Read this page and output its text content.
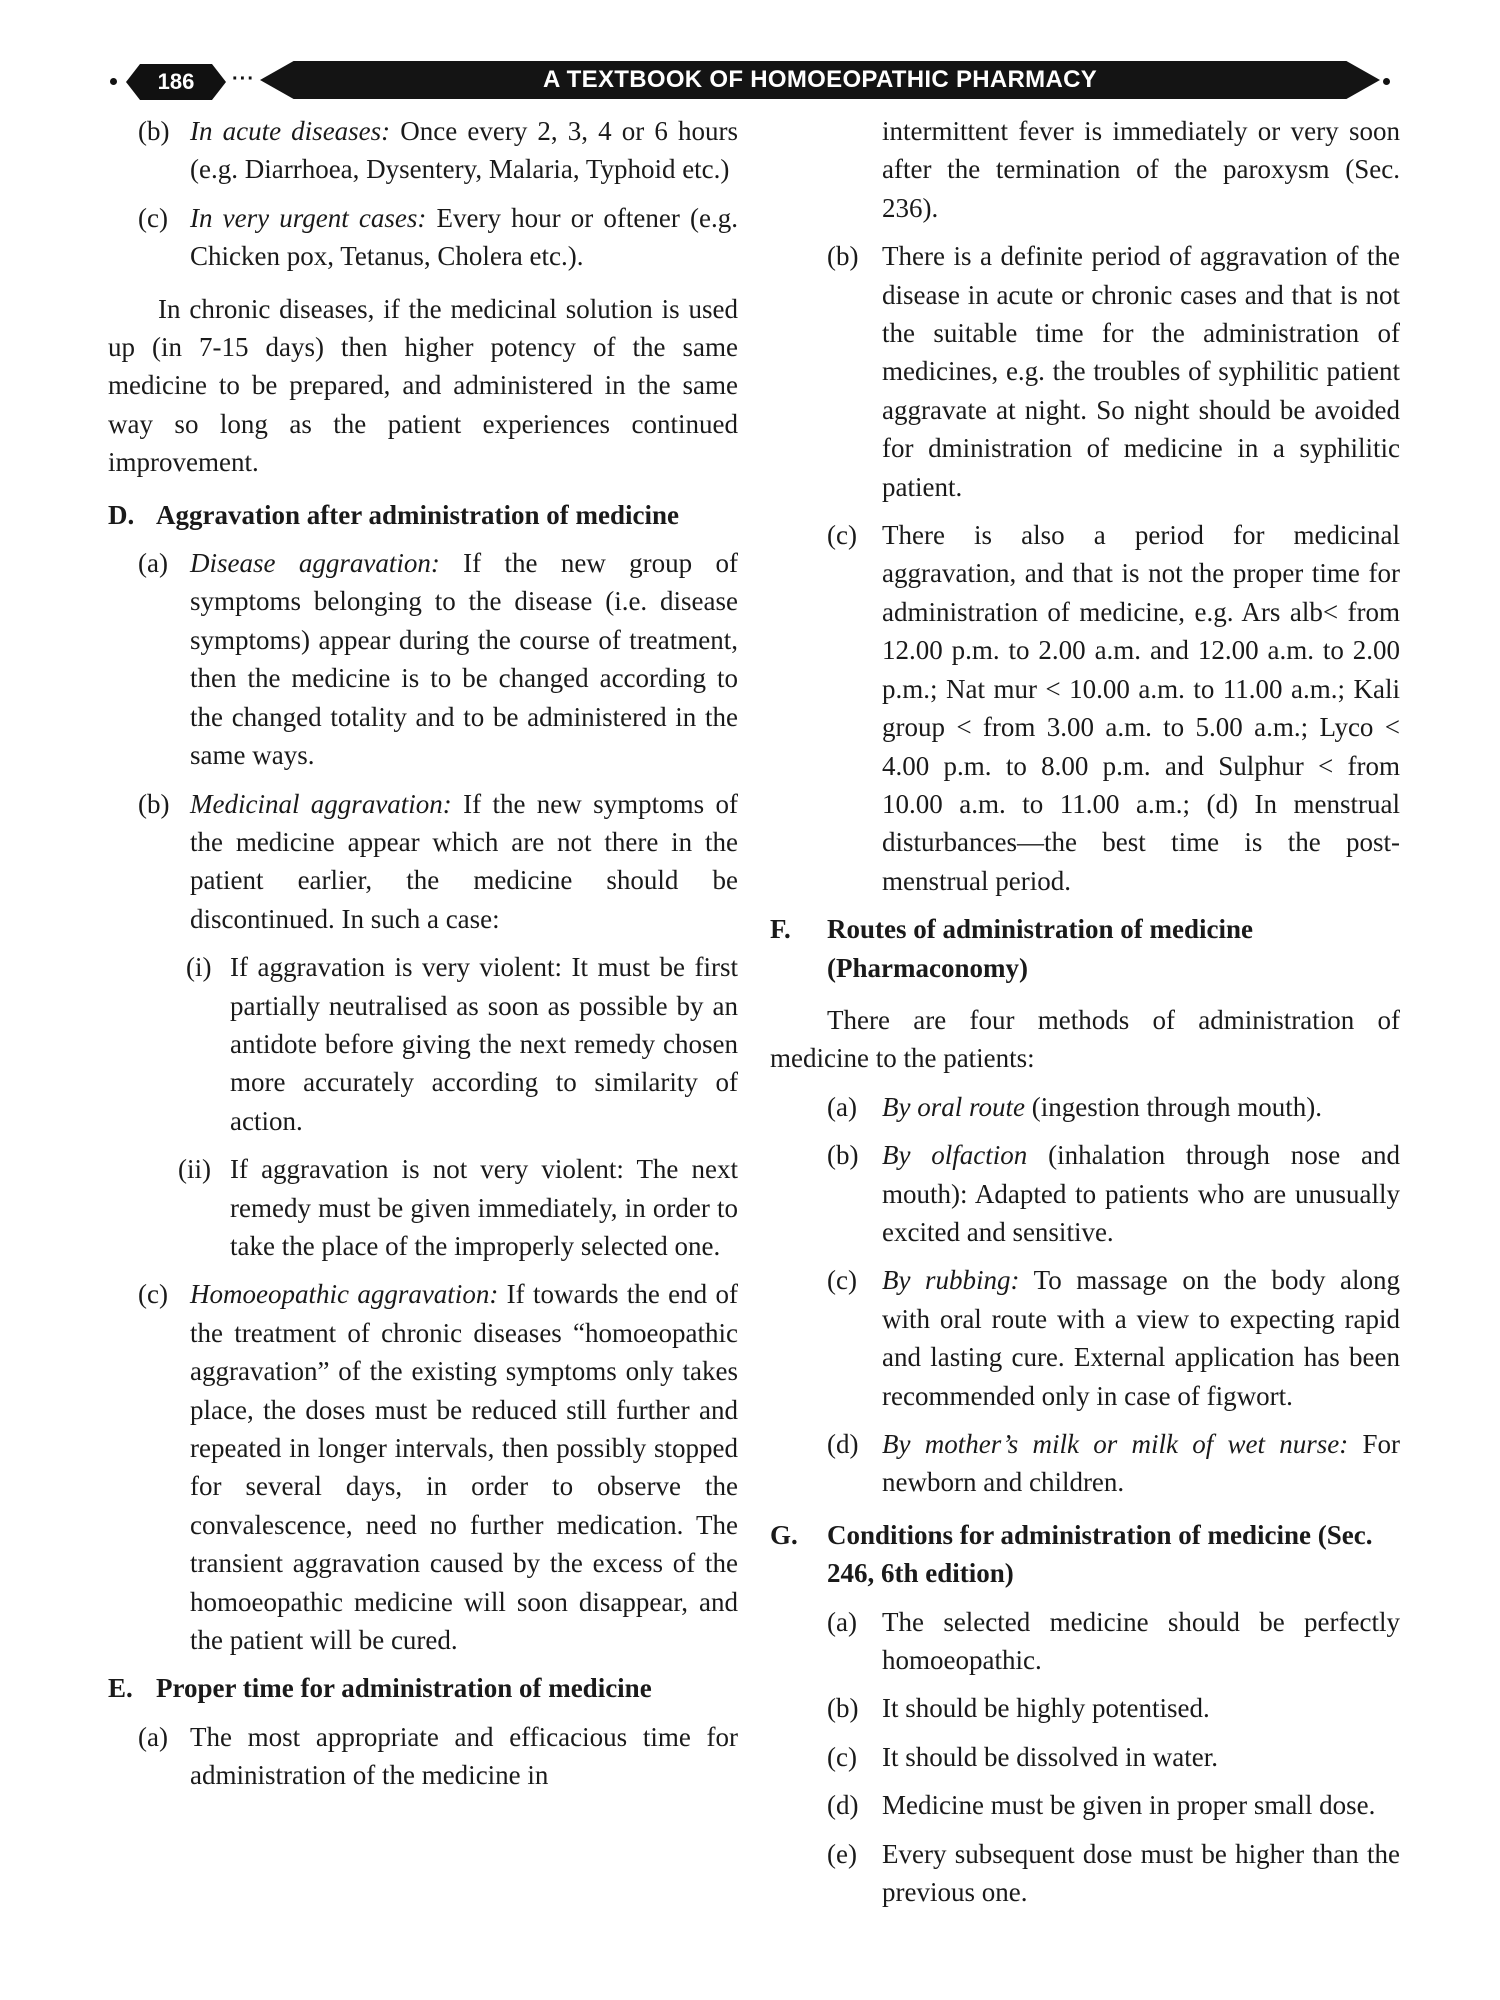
186	···	A TEXTBOOK OF HOMOEOPATHIC PHARMACY
(b) In acute diseases: Once every 2, 3, 4 or 6 hours (e.g. Diarrhoea, Dysentery, Malaria, Typhoid etc.)
(c) In very urgent cases: Every hour or oftener (e.g. Chicken pox, Tetanus, Cholera etc.).

In chronic diseases, if the medicinal solution is used up (in 7-15 days) then higher potency of the same medicine to be prepared, and administered in the same way so long as the patient experiences continued improvement.

D. Aggravation after administration of medicine
(a) Disease aggravation: If the new group of symptoms belonging to the disease (i.e. disease symptoms) appear during the course of treatment, then the medicine is to be changed according to the changed totality and to be administered in the same ways.
(b) Medicinal aggravation: If the new symptoms of the medicine appear which are not there in the patient earlier, the medicine should be discontinued. In such a case:
(i) If aggravation is very violent: It must be first partially neutralised as soon as possible by an antidote before giving the next remedy chosen more accurately according to similarity of action.
(ii) If aggravation is not very violent: The next remedy must be given immediately, in order to take the place of the improperly selected one.
(c) Homoeopathic aggravation: If towards the end of the treatment of chronic diseases “homoeopathic aggravation” of the existing symptoms only takes place, the doses must be reduced still further and repeated in longer intervals, then possibly stopped for several days, in order to observe the convalescence, need no further medication. The transient aggravation caused by the excess of the homoeopathic medicine will soon disappear, and the patient will be cured.
E. Proper time for administration of medicine
(a) The most appropriate and efficacious time for administration of the medicine in

intermittent fever is immediately or very soon after the termination of the paroxysm (Sec. 236).

(b) There is a definite period of aggravation of the disease in acute or chronic cases and that is not the suitable time for the administration of medicines, e.g. the troubles of syphilitic patient aggravate at night. So night should be avoided for dministration of medicine in a syphilitic patient.
(c) There is also a period for medicinal aggravation, and that is not the proper time for administration of medicine, e.g. Ars alb< from 12.00 p.m. to 2.00 a.m. and 12.00 a.m. to 2.00 p.m.; Nat mur < 10.00 a.m. to 11.00 a.m.; Kali group < from 3.00 a.m. to 5.00 a.m.; Lyco < 4.00 p.m. to 8.00 p.m. and Sulphur < from 10.00 a.m. to 11.00 a.m.; (d) In menstrual disturbances—the best time is the post-menstrual period.
F. Routes of administration of medicine (Pharmaconomy)

There are four methods of administration of medicine to the patients:

(a) By oral route (ingestion through mouth).
(b) By olfaction (inhalation through nose and mouth): Adapted to patients who are unusually excited and sensitive.
(c) By rubbing: To massage on the body along with oral route with a view to expecting rapid and lasting cure. External application has been recommended only in case of figwort.
(d) By mother’s milk or milk of wet nurse: For newborn and children.
G. Conditions for administration of medicine (Sec. 246, 6th edition)
(a) The selected medicine should be perfectly homoeopathic.
(b) It should be highly potentised.
(c) It should be dissolved in water.
(d) Medicine must be given in proper small dose.
(e) Every subsequent dose must be higher than the previous one.
